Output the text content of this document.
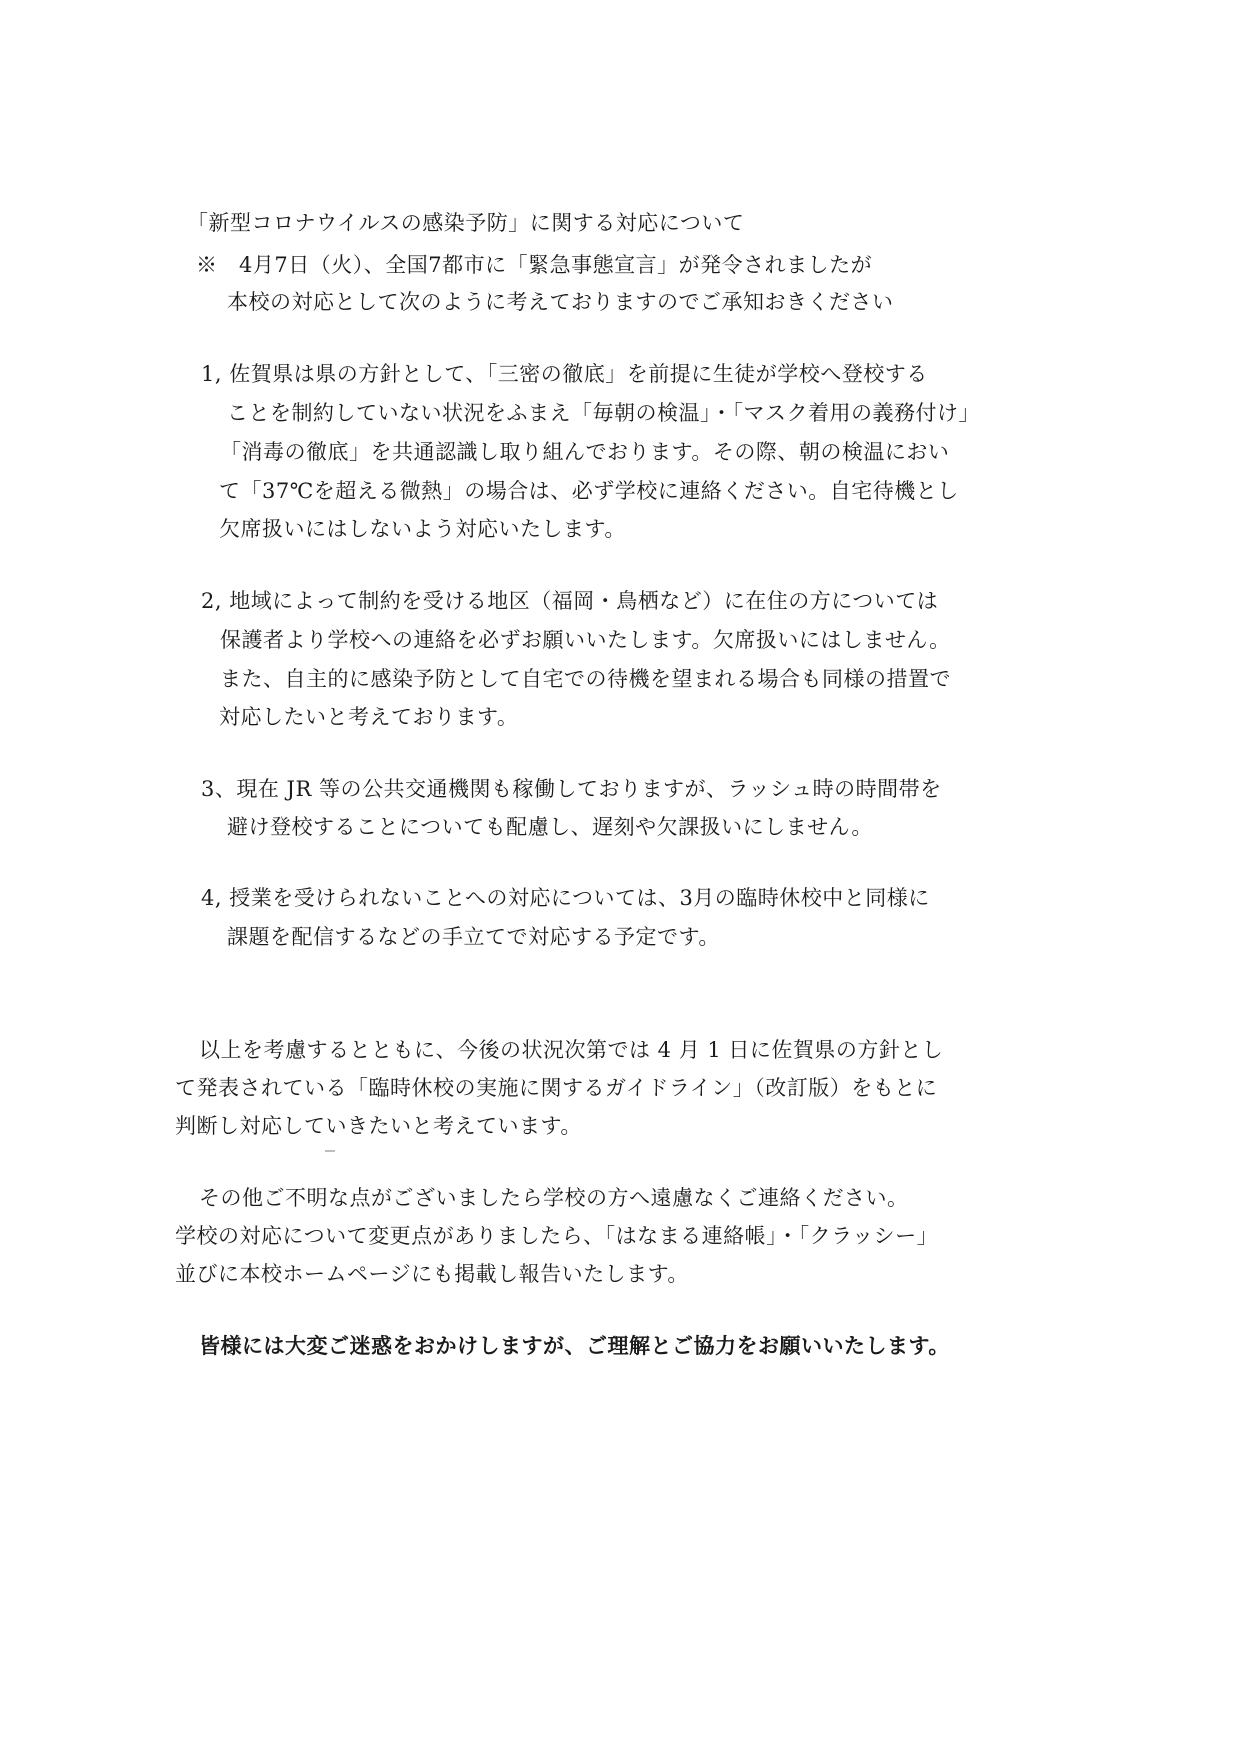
「新型コロナウイルスの感染予防」に関する対応について
※　4月7日（火）、全国7都市に「緊急事態宣言」が発令されましたが
本校の対応として次のように考えておりますのでご承知おきください
1, 佐賀県は県の方針として、「三密の徹底」を前提に生徒が学校へ登校する
ことを制約していない状況をふまえ「毎朝の検温」・「マスク着用の義務付け」
「消毒の徹底」を共通認識し取り組んでおります。その際、朝の検温におい
て「37℃を超える微熱」の場合は、必ず学校に連絡ください。自宅待機とし
欠席扱いにはしないよう対応いたします。
2, 地域によって制約を受ける地区（福岡・鳥栖など）に在住の方については
保護者より学校への連絡を必ずお願いいたします。欠席扱いにはしません。
また、自主的に感染予防として自宅での待機を望まれる場合も同様の措置で
対応したいと考えております。
3、現在 JR 等の公共交通機関も稼働しておりますが、ラッシュ時の時間帯を
避け登校することについても配慮し、遅刻や欠課扱いにしません。
4, 授業を受けられないことへの対応については、3月の臨時休校中と同様に
課題を配信するなどの手立てで対応する予定です。
以上を考慮するとともに、今後の状況次第では 4 月 1 日に佐賀県の方針とし
て発表されている「臨時休校の実施に関するガイドライン」（改訂版）をもとに
判断し対応していきたいと考えています。
その他ご不明な点がございましたら学校の方へ遠慮なくご連絡ください。
学校の対応について変更点がありましたら、「はなまる連絡帳」・「クラッシー」
並びに本校ホームページにも掲載し報告いたします。
皆様には大変ご迷惑をおかけしますが、ご理解とご協力をお願いいたします。
